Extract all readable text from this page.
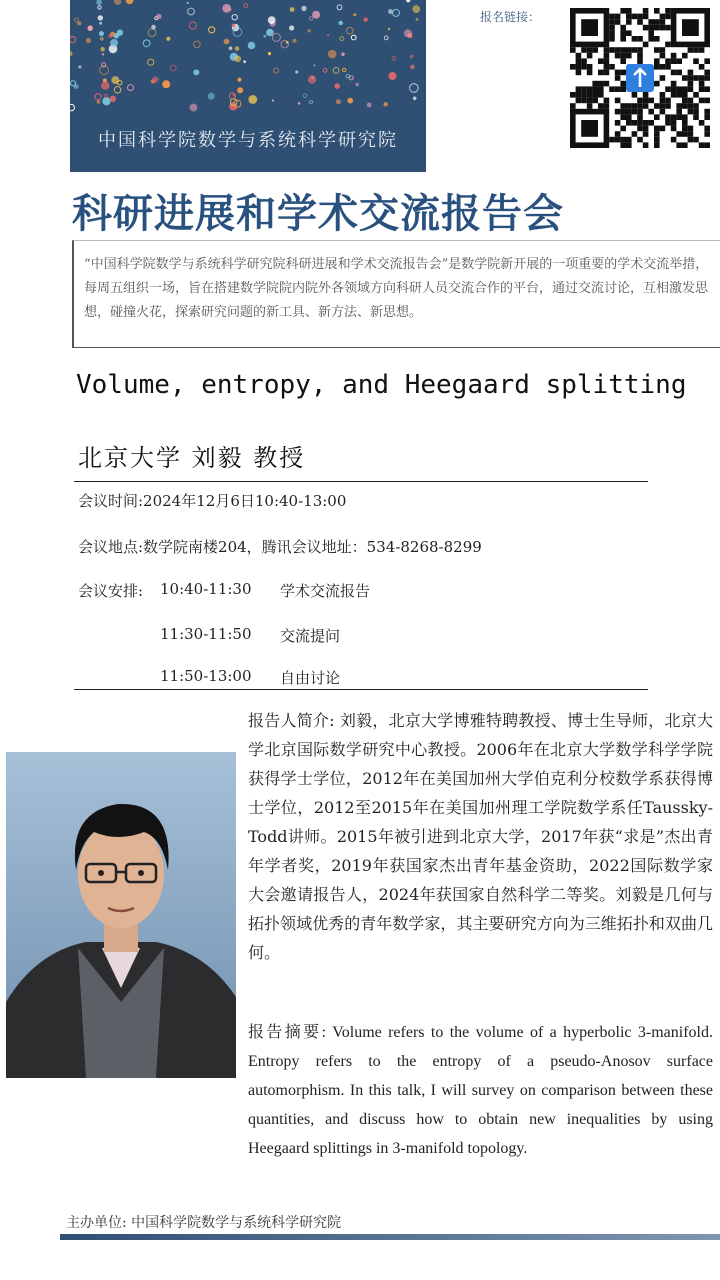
中国科学院数学与系统科学研究院
报名链接：
科研进展和学术交流报告会

“中国科学院数学与系统科学研究院科研进展和学术交流报告会”是数学院新开展的一项重要的学术交流举措，每周五组织一场，旨在搭建数学院院内院外各领域方向科研人员交流合作的平台，通过交流讨论，互相激发思想，碰撞火花，探索研究问题的新工具、新方法、新思想。

Volume, entropy, and Heegaard splitting
北京大学 刘毅 教授
会议时间:2024年12月6日10:40-13:00
会议地点:数学院南楼204，腾讯会议地址：534-8268-8299
会议安排: 10:40-11:30 学术交流报告
11:30-11:50 交流提问
11:50-13:00 自由讨论

报告人简介: 刘毅，北京大学博雅特聘教授、博士生导师，北京大学北京国际数学研究中心教授。2006年在北京大学数学科学学院获得学士学位，2012年在美国加州大学伯克利分校数学系获得博士学位，2012至2015年在美国加州理工学院数学系任Taussky-Todd讲师。2015年被引进到北京大学，2017年获“求是”杰出青年学者奖，2019年获国家杰出青年基金资助，2022国际数学家大会邀请报告人，2024年获国家自然科学二等奖。刘毅是几何与拓扑领域优秀的青年数学家，其主要研究方向为三维拓扑和双曲几何。

报告摘要: Volume refers to the volume of a hyperbolic 3-manifold. Entropy refers to the entropy of a pseudo-Anosov surface automorphism. In this talk, I will survey on comparison between these quantities, and discuss how to obtain new inequalities by using Heegaard splittings in 3-manifold topology.

主办单位: 中国科学院数学与系统科学研究院
